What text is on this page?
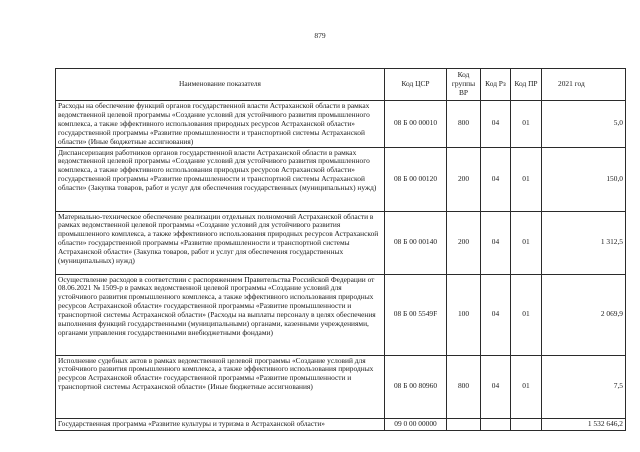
879
Наименование показателя	Код ЦСР	Код группы ВР	Код Рз	Код ПР	2021 год
Расходы на обеспечение функций органов государственной власти Астраханской области в рамках ведомственной целевой программы «Создание условий для устойчивого развития промышленного комплекса, а также эффективного использования природных ресурсов Астраханской области» государственной программы «Развитие промышленности и транспортной системы Астраханской области» (Иные бюджетные ассигнования)	08 Б 00 00010	800	04	01	5,0
Диспансеризация работников органов государственной власти Астраханской области в рамках ведомственной целевой программы «Создание условий для устойчивого развития промышленного комплекса, а также эффективного использования природных ресурсов Астраханской области» государственной программы «Развитие промышленности и транспортной системы Астраханской области» (Закупка товаров, работ и услуг для обеспечения государственных (муниципальных) нужд)	08 Б 00 00120	200	04	01	150,0
Материально-техническое обеспечение реализации отдельных полномочий Астраханской области в рамках ведомственной целевой программы «Создание условий для устойчивого развития промышленного комплекса, а также эффективного использования природных ресурсов Астраханской области» государственной программы «Развитие промышленности и транспортной системы Астраханской области» (Закупка товаров, работ и услуг для обеспечения государственных (муниципальных) нужд)	08 Б 00 00140	200	04	01	1 312,5
Осуществление расходов в соответствии с распоряжением Правительства Российской Федерации от 08.06.2021 № 1509-р в рамках ведомственной целевой программы «Создание условий для устойчивого развития промышленного комплекса, а также эффективного использования природных ресурсов Астраханской области» государственной программы «Развитие промышленности и транспортной системы Астраханской области» (Расходы на выплаты персоналу в целях обеспечения выполнения функций государственными (муниципальными) органами, казенными учреждениями, органами управления государственными внебюджетными фондами)	08 Б 00 5549F	100	04	01	2 069,9
Исполнение судебных актов в рамках ведомственной целевой программы «Создание условий для устойчивого развития промышленного комплекса, а также эффективного использования природных ресурсов Астраханской области» государственной программы «Развитие промышленности и транспортной системы Астраханской области» (Иные бюджетные ассигнования)	08 Б 00 80960	800	04	01	7,5
Государственная программа «Развитие культуры и туризма в Астраханской области»	09 0 00 00000				1 532 646,2
